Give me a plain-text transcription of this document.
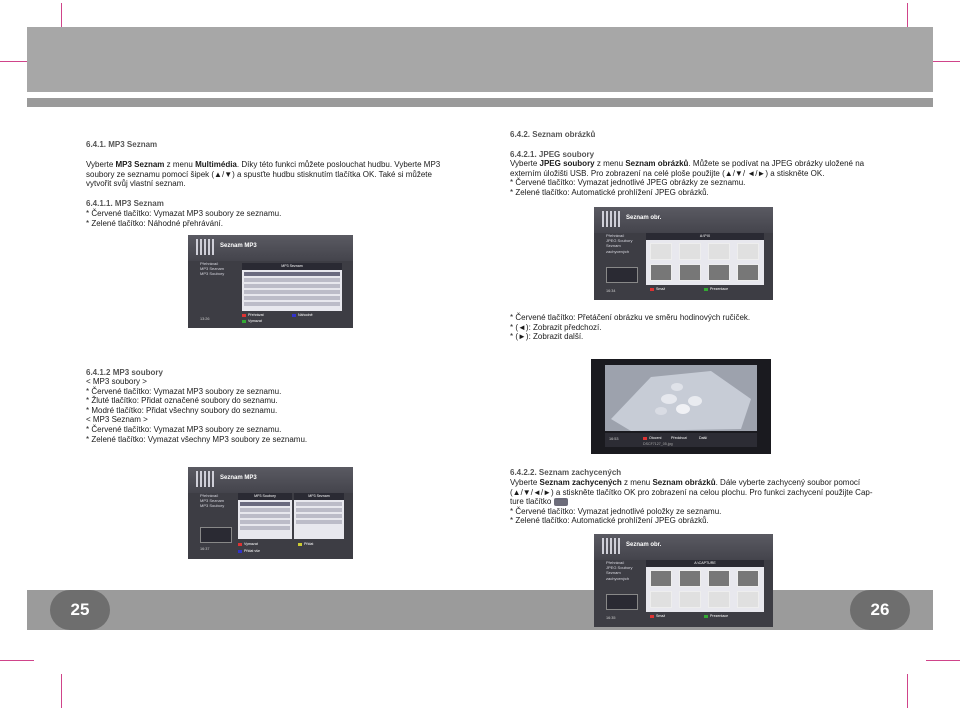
25	26
6.4.1. MP3 Seznam

Vyberte MP3 Seznam z menu Multimédia. Díky této funkci můžete poslouchat hudbu. Vyberte MP3

soubory ze seznamu pomocí šipek (▲/▼) a spusťte hudbu stisknutím tlačítka OK. Také si můžete

vytvořit svůj vlastní seznam.

6.4.1.1. MP3 Seznam

* Červené tlačítko: Vymazat MP3 soubory ze seznamu.

* Zelené tlačítko: Náhodné přehrávání.

Seznam MP3
Přehrávač
MP3 Seznam
MP3 Soubory
MP3 Seznam
13:26
Přehrávat
Vymazat
Náhodně
6.4.1.2 MP3 soubory

< MP3 soubory >

* Červené tlačítko: Vymazat MP3 soubory ze seznamu.

* Žluté tlačítko: Přidat označené soubory do seznamu.

* Modré tlačítko: Přidat všechny soubory do seznamu.

< MP3 Seznam >

* Červené tlačítko: Vymazat MP3 soubory ze seznamu.

* Zelené tlačítko: Vymazat všechny MP3 soubory ze seznamu.

Seznam MP3
Přehrávač
MP3 Seznam
MP3 Soubory
MP3 Soubory	MP3 Seznam
16:37
Vymazat
Přidat vše
Přidat
6.4.2. Seznam obrázků
6.4.2.1. JPEG soubory

Vyberte JPEG soubory z menu Seznam obrázků. Můžete se podívat na JPEG obrázky uložené na

externím úložišti USB. Pro zobrazení na celé ploše použijte (▲/▼/ ◄/►) a stiskněte OK.

* Červené tlačítko: Vymazat jednotlivé JPEG obrázky ze seznamu.

* Zelené tlačítko: Automatické prohlížení JPEG obrázků.

Seznam obr.
Přehrávač
JPEG Soubory
Seznam zachycených
A:\PIX
16:34	Smaž	Prezentace

* Červené tlačítko: Přetáčení obrázku ve směru hodinových ručiček.

* (◄): Zobrazit předchozí.

* (►): Zobrazit další.

16:53	Otoceni	Předchozí	Další
DSCF7127_05.jpg
6.4.2.2. Seznam zachycených

Vyberte Seznam zachycených z menu Seznam obrázků. Dále vyberte zachycený soubor pomocí

(▲/▼/◄/►) a stiskněte tlačítko OK pro zobrazení na celou plochu. Pro funkci zachycení použijte Cap-

ture tlačítko

* Červené tlačítko: Vymazat jednotlivé položky ze seznamu.

* Zelené tlačítko: Automatické prohlížení JPEG obrázků.

Seznam obr.
Přehrávač
JPEG Soubory
Seznam zachycených
A:\CAPTURE
16:35	Smaž	Prezentace
